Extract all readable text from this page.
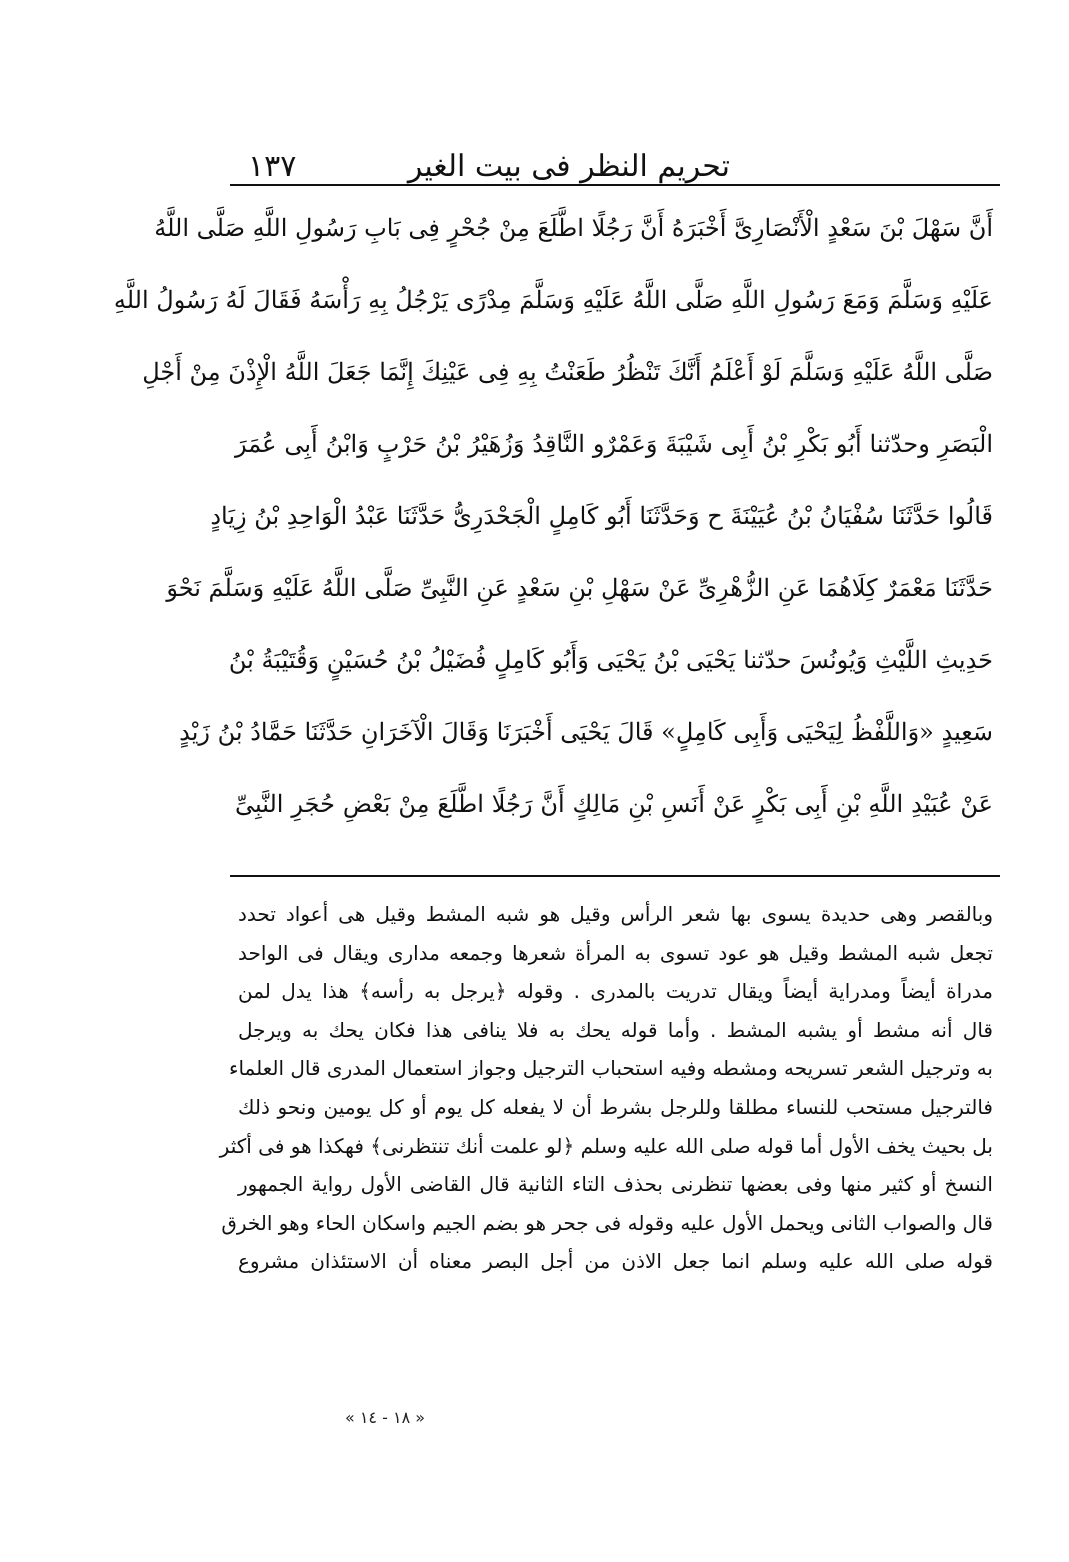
تحريم النظر فى بيت الغير
١٣٧
أَنَّ سَهْلَ بْنَ سَعْدٍ الْأَنْصَارِىَّ أَخْبَرَهُ أَنَّ رَجُلًا اطَّلَعَ مِنْ جُحْرٍ فِى بَابِ رَسُولِ اللَّهِ صَلَّى اللَّهُ
عَلَيْهِ وَسَلَّمَ وَمَعَ رَسُولِ اللَّهِ صَلَّى اللَّهُ عَلَيْهِ وَسَلَّمَ مِدْرًى يَرْجُلُ بِهِ رَأْسَهُ فَقَالَ لَهُ رَسُولُ اللَّهِ
صَلَّى اللَّهُ عَلَيْهِ وَسَلَّمَ لَوْ أَعْلَمُ أَنَّكَ تَنْظُرُ طَعَنْتُ بِهِ فِى عَيْنِكَ إِنَّمَا جَعَلَ اللَّهُ الْإِذْنَ مِنْ أَجْلِ
الْبَصَرِ وحدّثنا أَبُو بَكْرِ بْنُ أَبِى شَيْبَةَ وَعَمْرٌو النَّاقِدُ وَزُهَيْرُ بْنُ حَرْبٍ وَابْنُ أَبِى عُمَرَ
قَالُوا حَدَّثَنَا سُفْيَانُ بْنُ عُيَيْنَةَ ح وَحَدَّثَنَا أَبُو كَامِلٍ الْجَحْدَرِىُّ حَدَّثَنَا عَبْدُ الْوَاحِدِ بْنُ زِيَادٍ
حَدَّثَنَا مَعْمَرٌ كِلَاهُمَا عَنِ الزُّهْرِىِّ عَنْ سَهْلِ بْنِ سَعْدٍ عَنِ النَّبِىِّ صَلَّى اللَّهُ عَلَيْهِ وَسَلَّمَ نَحْوَ
حَدِيثِ اللَّيْثِ وَيُونُسَ حدّثنا يَحْيَى بْنُ يَحْيَى وَأَبُو كَامِلٍ فُضَيْلُ بْنُ حُسَيْنٍ وَقُتَيْبَةُ بْنُ
سَعِيدٍ «وَاللَّفْظُ لِيَحْيَى وَأَبِى كَامِلٍ» قَالَ يَحْيَى أَخْبَرَنَا وَقَالَ الْآخَرَانِ حَدَّثَنَا حَمَّادُ بْنُ زَيْدٍ
عَنْ عُبَيْدِ اللَّهِ بْنِ أَبِى بَكْرٍ عَنْ أَنَسِ بْنِ مَالِكٍ أَنَّ رَجُلًا اطَّلَعَ مِنْ بَعْضِ حُجَرِ النَّبِىِّ
وبالقصر وهى حديدة يسوى بها شعر الرأس وقيل هو شبه المشط وقيل هى أعواد تحدد
تجعل شبه المشط وقيل هو عود تسوى به المرأة شعرها وجمعه مدارى ويقال فى الواحد
مدراة أيضاً ومدراية أيضاً ويقال تدريت بالمدرى . وقوله ﴿يرجل به رأسه﴾ هذا يدل لمن
قال أنه مشط أو يشبه المشط . وأما قوله يحك به فلا ينافى هذا فكان يحك به ويرجل
به وترجيل الشعر تسريحه ومشطه وفيه استحباب الترجيل وجواز استعمال المدرى قال العلماء
فالترجيل مستحب للنساء مطلقا وللرجل بشرط أن لا يفعله كل يوم أو كل يومين ونحو ذلك
بل بحيث يخف الأول أما قوله صلى الله عليه وسلم ﴿لو علمت أنك تنتظرنى﴾ فهكذا هو فى أكثر
النسخ أو كثير منها وفى بعضها تنظرنى بحذف التاء الثانية قال القاضى الأول رواية الجمهور
قال والصواب الثانى ويحمل الأول عليه وقوله فى جحر هو بضم الجيم واسكان الحاء وهو الخرق
قوله صلى الله عليه وسلم انما جعل الاذن من أجل البصر معناه أن الاستئذان مشروع
« ١٨ - ١٤ »
